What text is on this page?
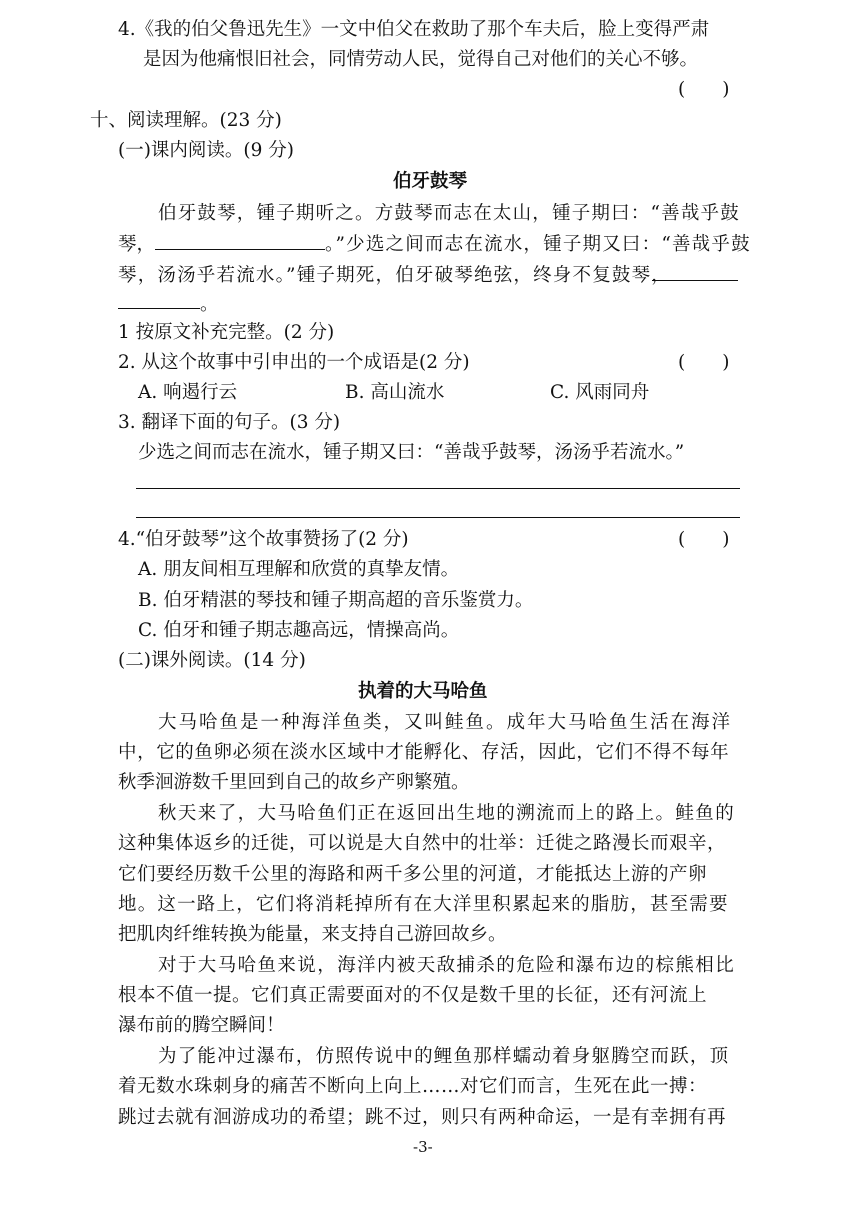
4.《我的伯父鲁迅先生》一文中伯父在救助了那个车夫后，脸上变得严肃
是因为他痛恨旧社会，同情劳动人民，觉得自己对他们的关心不够。
(　　)
十、阅读理解。(23 分)
(一)课内阅读。(9 分)
伯牙鼓琴
伯牙鼓琴，锺子期听之。方鼓琴而志在太山，锺子期曰：“善哉乎鼓
琴，	。”少选之间而志在流水，锺子期又曰：“善哉乎鼓
琴，汤汤乎若流水。”锺子期死，伯牙破琴绝弦，终身不复鼓琴，
。
1 按原文补充完整。(2 分)
2. 从这个故事中引申出的一个成语是(2 分)	(　　)
A. 响遏行云	B. 高山流水	C. 风雨同舟
3. 翻译下面的句子。(3 分)
少选之间而志在流水，锺子期又曰：“善哉乎鼓琴，汤汤乎若流水。”
4.“伯牙鼓琴”这个故事赞扬了(2 分)	(　　)
A. 朋友间相互理解和欣赏的真挚友情。
B. 伯牙精湛的琴技和锺子期高超的音乐鉴赏力。
C. 伯牙和锺子期志趣高远，情操高尚。
(二)课外阅读。(14 分)
执着的大马哈鱼
大马哈鱼是一种海洋鱼类，又叫鲑鱼。成年大马哈鱼生活在海洋
中，它的鱼卵必须在淡水区域中才能孵化、存活，因此，它们不得不每年
秋季洄游数千里回到自己的故乡产卵繁殖。
秋天来了，大马哈鱼们正在返回出生地的溯流而上的路上。鲑鱼的
这种集体返乡的迁徙，可以说是大自然中的壮举：迁徙之路漫长而艰辛，
它们要经历数千公里的海路和两千多公里的河道，才能抵达上游的产卵
地。这一路上，它们将消耗掉所有在大洋里积累起来的脂肪，甚至需要
把肌肉纤维转换为能量，来支持自己游回故乡。
对于大马哈鱼来说，海洋内被天敌捕杀的危险和瀑布边的棕熊相比
根本不值一提。它们真正需要面对的不仅是数千里的长征，还有河流上
瀑布前的腾空瞬间！
为了能冲过瀑布，仿照传说中的鲤鱼那样蠕动着身躯腾空而跃，顶
着无数水珠刺身的痛苦不断向上向上……对它们而言，生死在此一搏：
跳过去就有洄游成功的希望；跳不过，则只有两种命运，一是有幸拥有再
-3-
